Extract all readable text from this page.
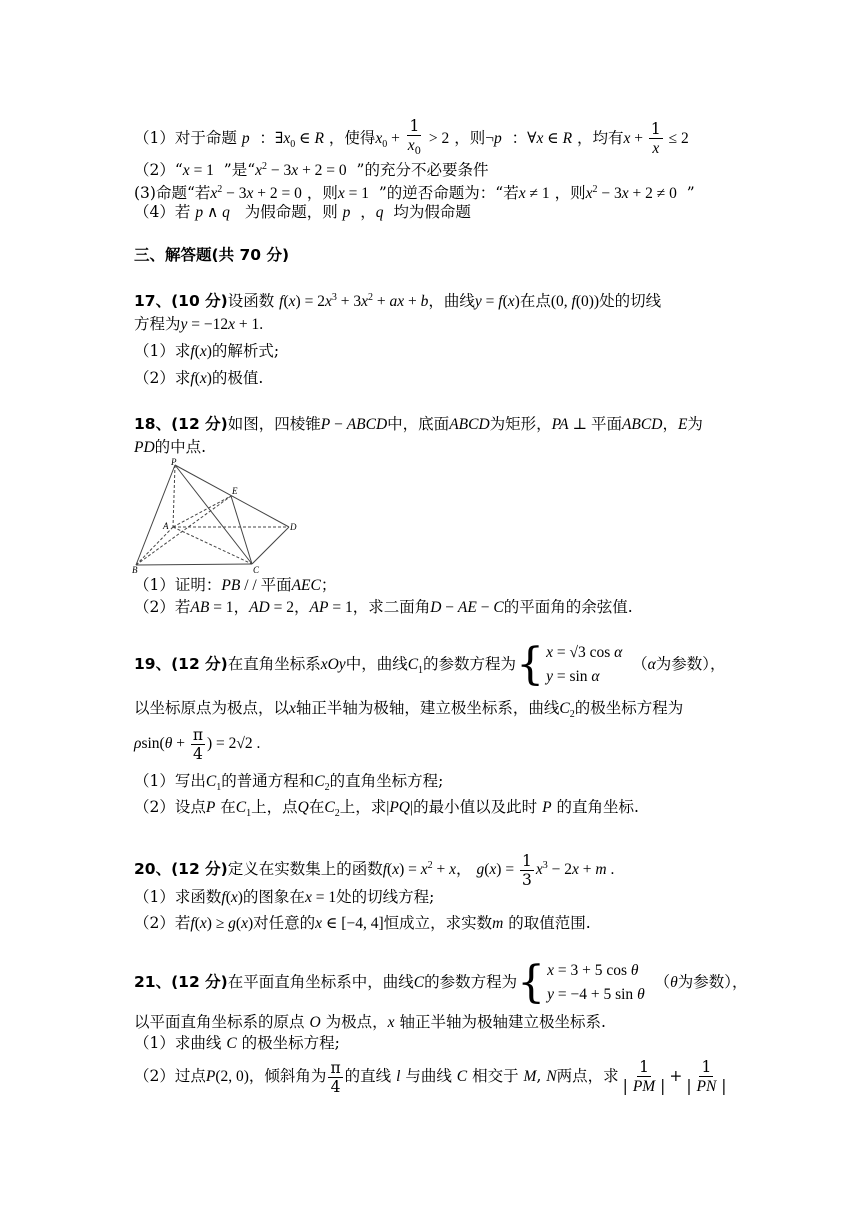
（1）对于命题 p  ：$\exists x_0$ ∈ R ，使得$x_0 + \frac{1}{x_0} > 2$ ，则¬p  ：∀x ∈ R ，均有$x + \frac{1}{x} \le 2$
（2）“x = 1 ”是“$x^2 - 3x + 2 = 0$ ”的充分不必要条件
(3)命题“若$x^2 - 3x + 2 = 0$ ，则x = 1 ”的逆否命题为：“若x ≠ 1 ，则$x^2 - 3x + 2 \ne 0$  ”
（4）若 p ∧ q 为假命题，则 p  ，q 均为假命题
三、解答题(共 70 分)
17、(10 分)设函数 $f(x) = 2x^3 + 3x^2$ + ax + b，曲线y = f(x)在点(0, f(0))处的切线
方程为y = −12x + 1.
（1）求f(x)的解析式;
（2）求f(x)的极值.
18、(12 分)如图，四棱锥P − ABCD中，底面ABCD为矩形，PA ⊥ 平面ABCD，E为
PD的中点.
P
E
A	D
B	C
（1）证明：PB / / 平面AEC；
（2）若AB = 1，AD = 2，AP = 1，求二面角D − AE − C的平面角的余弦值.
19、(12 分)在直角坐标系xOy中，曲线$C_1$的参数方程为 { x = √3 cos α
y = sin α
（α为参数），
以坐标原点为极点，以x轴正半轴为极轴，建立极坐标系，曲线$C_2$的极坐标方程为
$\rho\sin(\theta + \frac{\pi}{4}$ ) = 2√2 .
（1）写出$C_1$的普通方程和$C_2$的直角坐标方程;
（2）设点P 在$C_1$上，点Q在$C_2$上，求|PQ|的最小值以及此时 P 的直角坐标.
20、(12 分)定义在实数集上的函数$f(x) = x^2 + x$， $g(x) = \frac{1}{3} x^3 - 2x + m$ .
（1）求函数f(x)的图象在x = 1处的切线方程;
（2）若f(x) ≥ g(x)对任意的x ∈ [−4, 4]恒成立，求实数m 的取值范围.
21、(12 分)在平面直角坐标系中，曲线C的参数方程为 { x = 3 + 5 cos θ
y = −4 + 5 sin θ
（θ为参数），
以平面直角坐标系的原点 O 为极点，x 轴正半轴为极轴建立极坐标系.
（1）求曲线 C 的极坐标方程;
（2）过点P(2, 0)，倾斜角为 $\frac{\pi}{4}$ 的直线 l 与曲线 C 相交于 M, N两点，求 $\frac{1}{| PM |} + \frac{1}{| PN |}$
